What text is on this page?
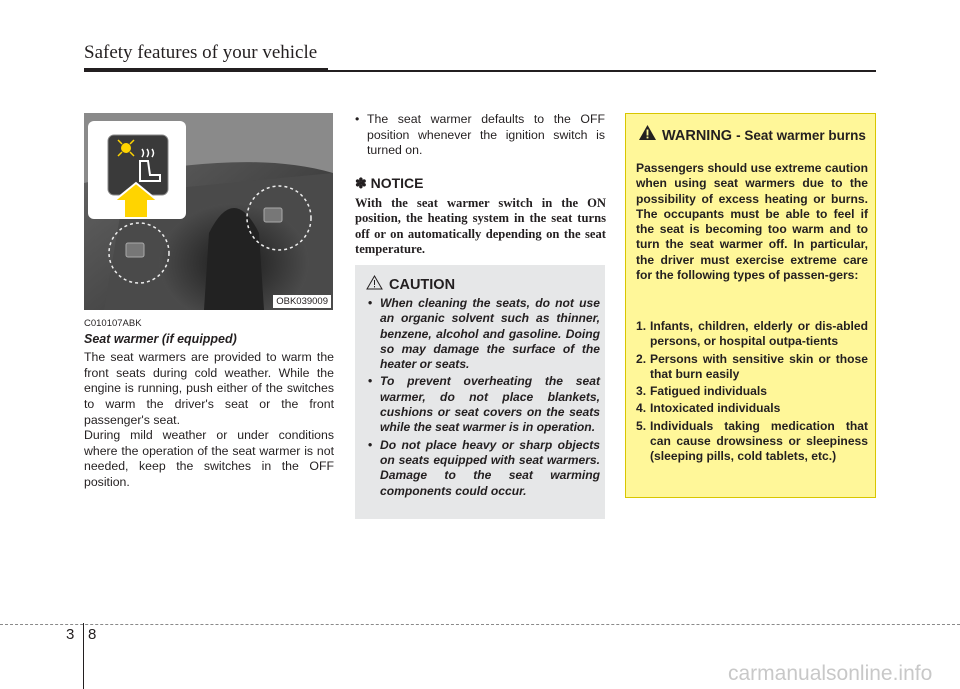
Safety features of your vehicle
OBK039009
C010107ABK
Seat warmer (if equipped)

The seat warmers are provided to warm the front seats during cold weather. While the engine is running, push either of the switches to warm the driver's seat or the front passenger's seat.

During mild weather or under conditions where the operation of the seat warmer is not needed, keep the switches in the OFF position.

• The seat warmer defaults to the OFF position whenever the ignition switch is turned on.
✽ NOTICE

With the seat warmer switch in the ON position, the heating system in the seat turns off or on automatically depending on the seat temperature.

CAUTION
• When cleaning the seats, do not use an organic solvent such as thinner, benzene, alcohol and gasoline. Doing so may damage the surface of the heater or seats.
• To prevent overheating the seat warmer, do not place blankets, cushions or seat covers on the seats while the seat warmer is in operation.
• Do not place heavy or sharp objects on seats equipped with seat warmers. Damage to the seat warming components could occur.
WARNING - Seat warmer burns

Passengers should use extreme caution when using seat warmers due to the possibility of excess heating or burns. The occupants must be able to feel if the seat is becoming too warm and to turn the seat warmer off. In particular, the driver must exercise extreme care for the following types of passen-gers:

1. Infants, children, elderly or dis-abled persons, or hospital outpa-tients
2. Persons with sensitive skin or those that burn easily
3. Fatigued individuals
4. Intoxicated individuals
5. Individuals taking medication that can cause drowsiness or sleepiness (sleeping pills, cold tablets, etc.)
3 8
carmanualsonline.info
